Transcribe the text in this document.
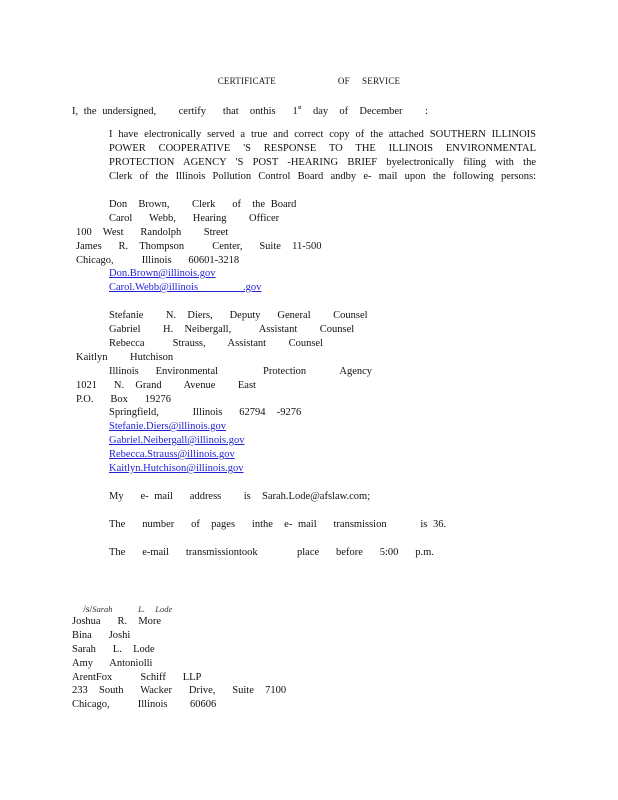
CERTIFICATE	OF     SERVICE
I, the undersigned,    certify   that  onthis   1st  day  of  December    :
I have electronically served a true and correct copy of the attached SOUTHERN ILLINOIS
POWER COOPERATIVE 'S RESPONSE TO THE ILLINOIS ENVIRONMENTAL
PROTECTION AGENCY 'S POST -HEARING BRIEF byelectronically filing with the
Clerk of the Illinois Pollution Control Board andby e- mail upon the following persons:
Don  Brown,    Clerk   of  the Board
Carol   Webb,   Hearing    Officer
100  West   Randolph    Street
James   R.  Thompson     Center,   Suite  11-500
Chicago,     Illinois   60601-3218
Don.Brown@illinois.gov
Carol.Webb@illinois        .gov
Stefanie    N.  Diers,   Deputy   General    Counsel
Gabriel    H.  Neibergall,     Assistant    Counsel
Rebecca     Strauss,    Assistant    Counsel
Kaitlyn    Hutchison
Illinois   Environmental        Protection      Agency
1021   N.  Grand    Avenue    East
P.O.   Box   19276
Springfield,      Illinois   62794  -9276
Stefanie.Diers@illinois.gov
Gabriel.Neibergall@illinois.gov
Rebecca.Strauss@illinois.gov
Kaitlyn.Hutchison@illinois.gov
My   e- mail   address    is  Sarah.Lode@afslaw.com;
The   number   of  pages   inthe  e- mail   transmission      is 36.
The   e-mail   transmissiontook       place   before   5:00   p.m.

/s/Sarah     L.  Lode

Joshua   R.  More
Bina   Joshi
Sarah   L.  Lode
Amy   Antoniolli
ArentFox     Schiff   LLP
233  South   Wacker   Drive,   Suite  7100
Chicago,     Illinois    60606
